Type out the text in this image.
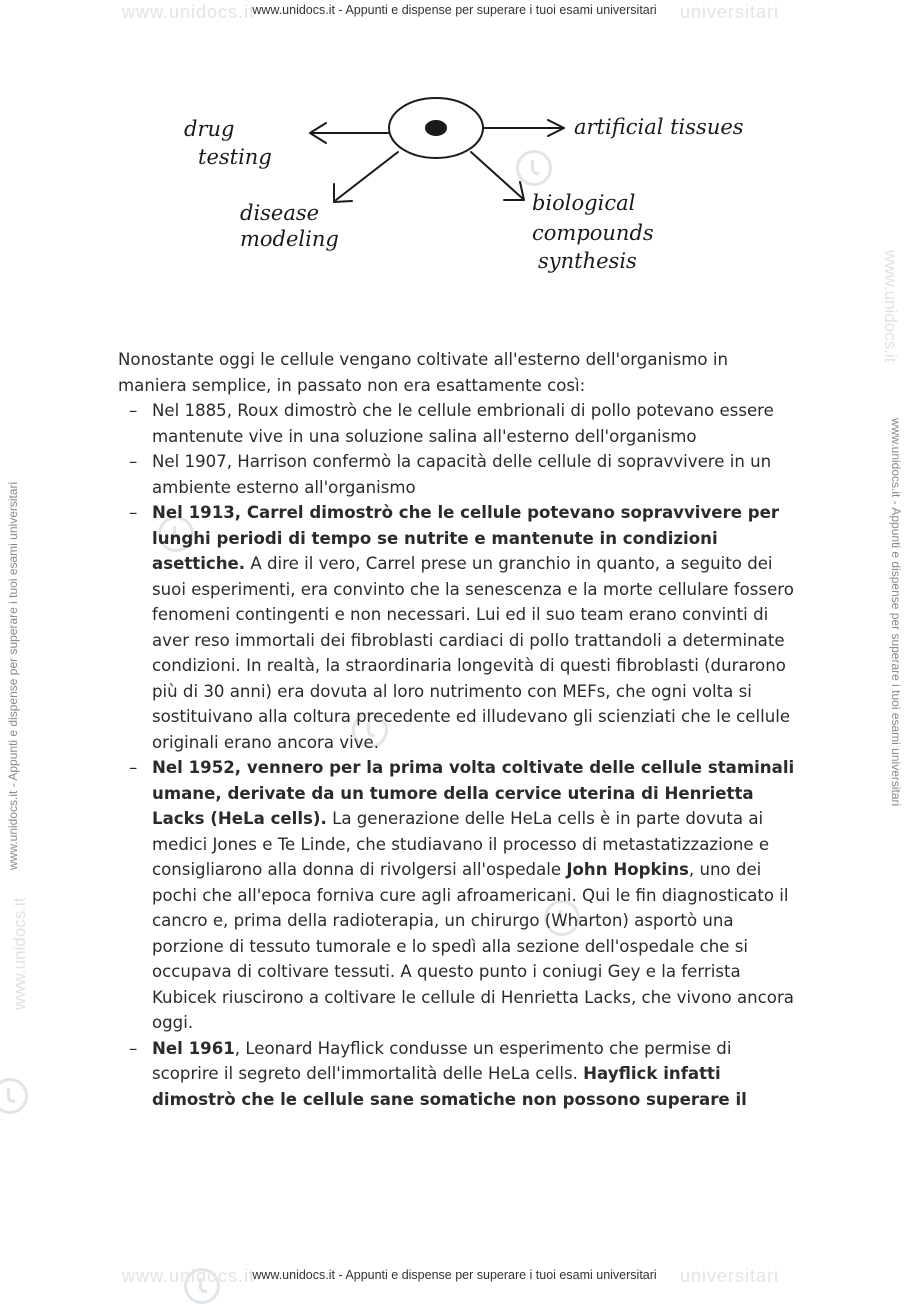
www.unidocs.it	universitari
www.unidocs.it	universitari
www.unidocs.it - Appunti e dispense per superare i tuoi esami universitari
www.unidocs.it - Appunti e dispense per superare i tuoi esami universitari
www.unidocs.it - Appunti e dispense per superare i tuoi esami universitari	www.unidocs.it - Appunti e dispense per superare i tuoi esami universitari
www.unidocs.it
www.unidocs.it
drug
testing
artificial tissues
disease
modeling
biological
compounds
synthesis

Nonostante oggi le cellule vengano coltivate all'esterno dell'organismo in maniera semplice, in passato non era esattamente così:

– Nel 1885, Roux dimostrò che le cellule embrionali di pollo potevano essere mantenute vive in una soluzione salina all'esterno dell'organismo
– Nel 1907, Harrison confermò la capacità delle cellule di sopravvivere in un ambiente esterno all'organismo
– Nel 1913, Carrel dimostrò che le cellule potevano sopravvivere per lunghi periodi di tempo se nutrite e mantenute in condizioni asettiche. A dire il vero, Carrel prese un granchio in quanto, a seguito dei suoi esperimenti, era convinto che la senescenza e la morte cellulare fossero fenomeni contingenti e non necessari. Lui ed il suo team erano convinti di aver reso immortali dei fibroblasti cardiaci di pollo trattandoli a determinate condizioni. In realtà, la straordinaria longevità di questi fibroblasti (durarono più di 30 anni) era dovuta al loro nutrimento con MEFs, che ogni volta si sostituivano alla coltura precedente ed illudevano gli scienziati che le cellule originali erano ancora vive.
– Nel 1952, vennero per la prima volta coltivate delle cellule staminali umane, derivate da un tumore della cervice uterina di Henrietta Lacks (HeLa cells). La generazione delle HeLa cells è in parte dovuta ai medici Jones e Te Linde, che studiavano il processo di metastatizzazione e consigliarono alla donna di rivolgersi all'ospedale John Hopkins, uno dei pochi che all'epoca forniva cure agli afroamericani. Qui le fin diagnosticato il cancro e, prima della radioterapia, un chirurgo (Wharton) asportò una porzione di tessuto tumorale e lo spedì alla sezione dell'ospedale che si occupava di coltivare tessuti. A questo punto i coniugi Gey e la ferrista Kubicek riuscirono a coltivare le cellule di Henrietta Lacks, che vivono ancora oggi.
– Nel 1961, Leonard Hayflick condusse un esperimento che permise di scoprire il segreto dell'immortalità delle HeLa cells. Hayflick infatti dimostrò che le cellule sane somatiche non possono superare il
